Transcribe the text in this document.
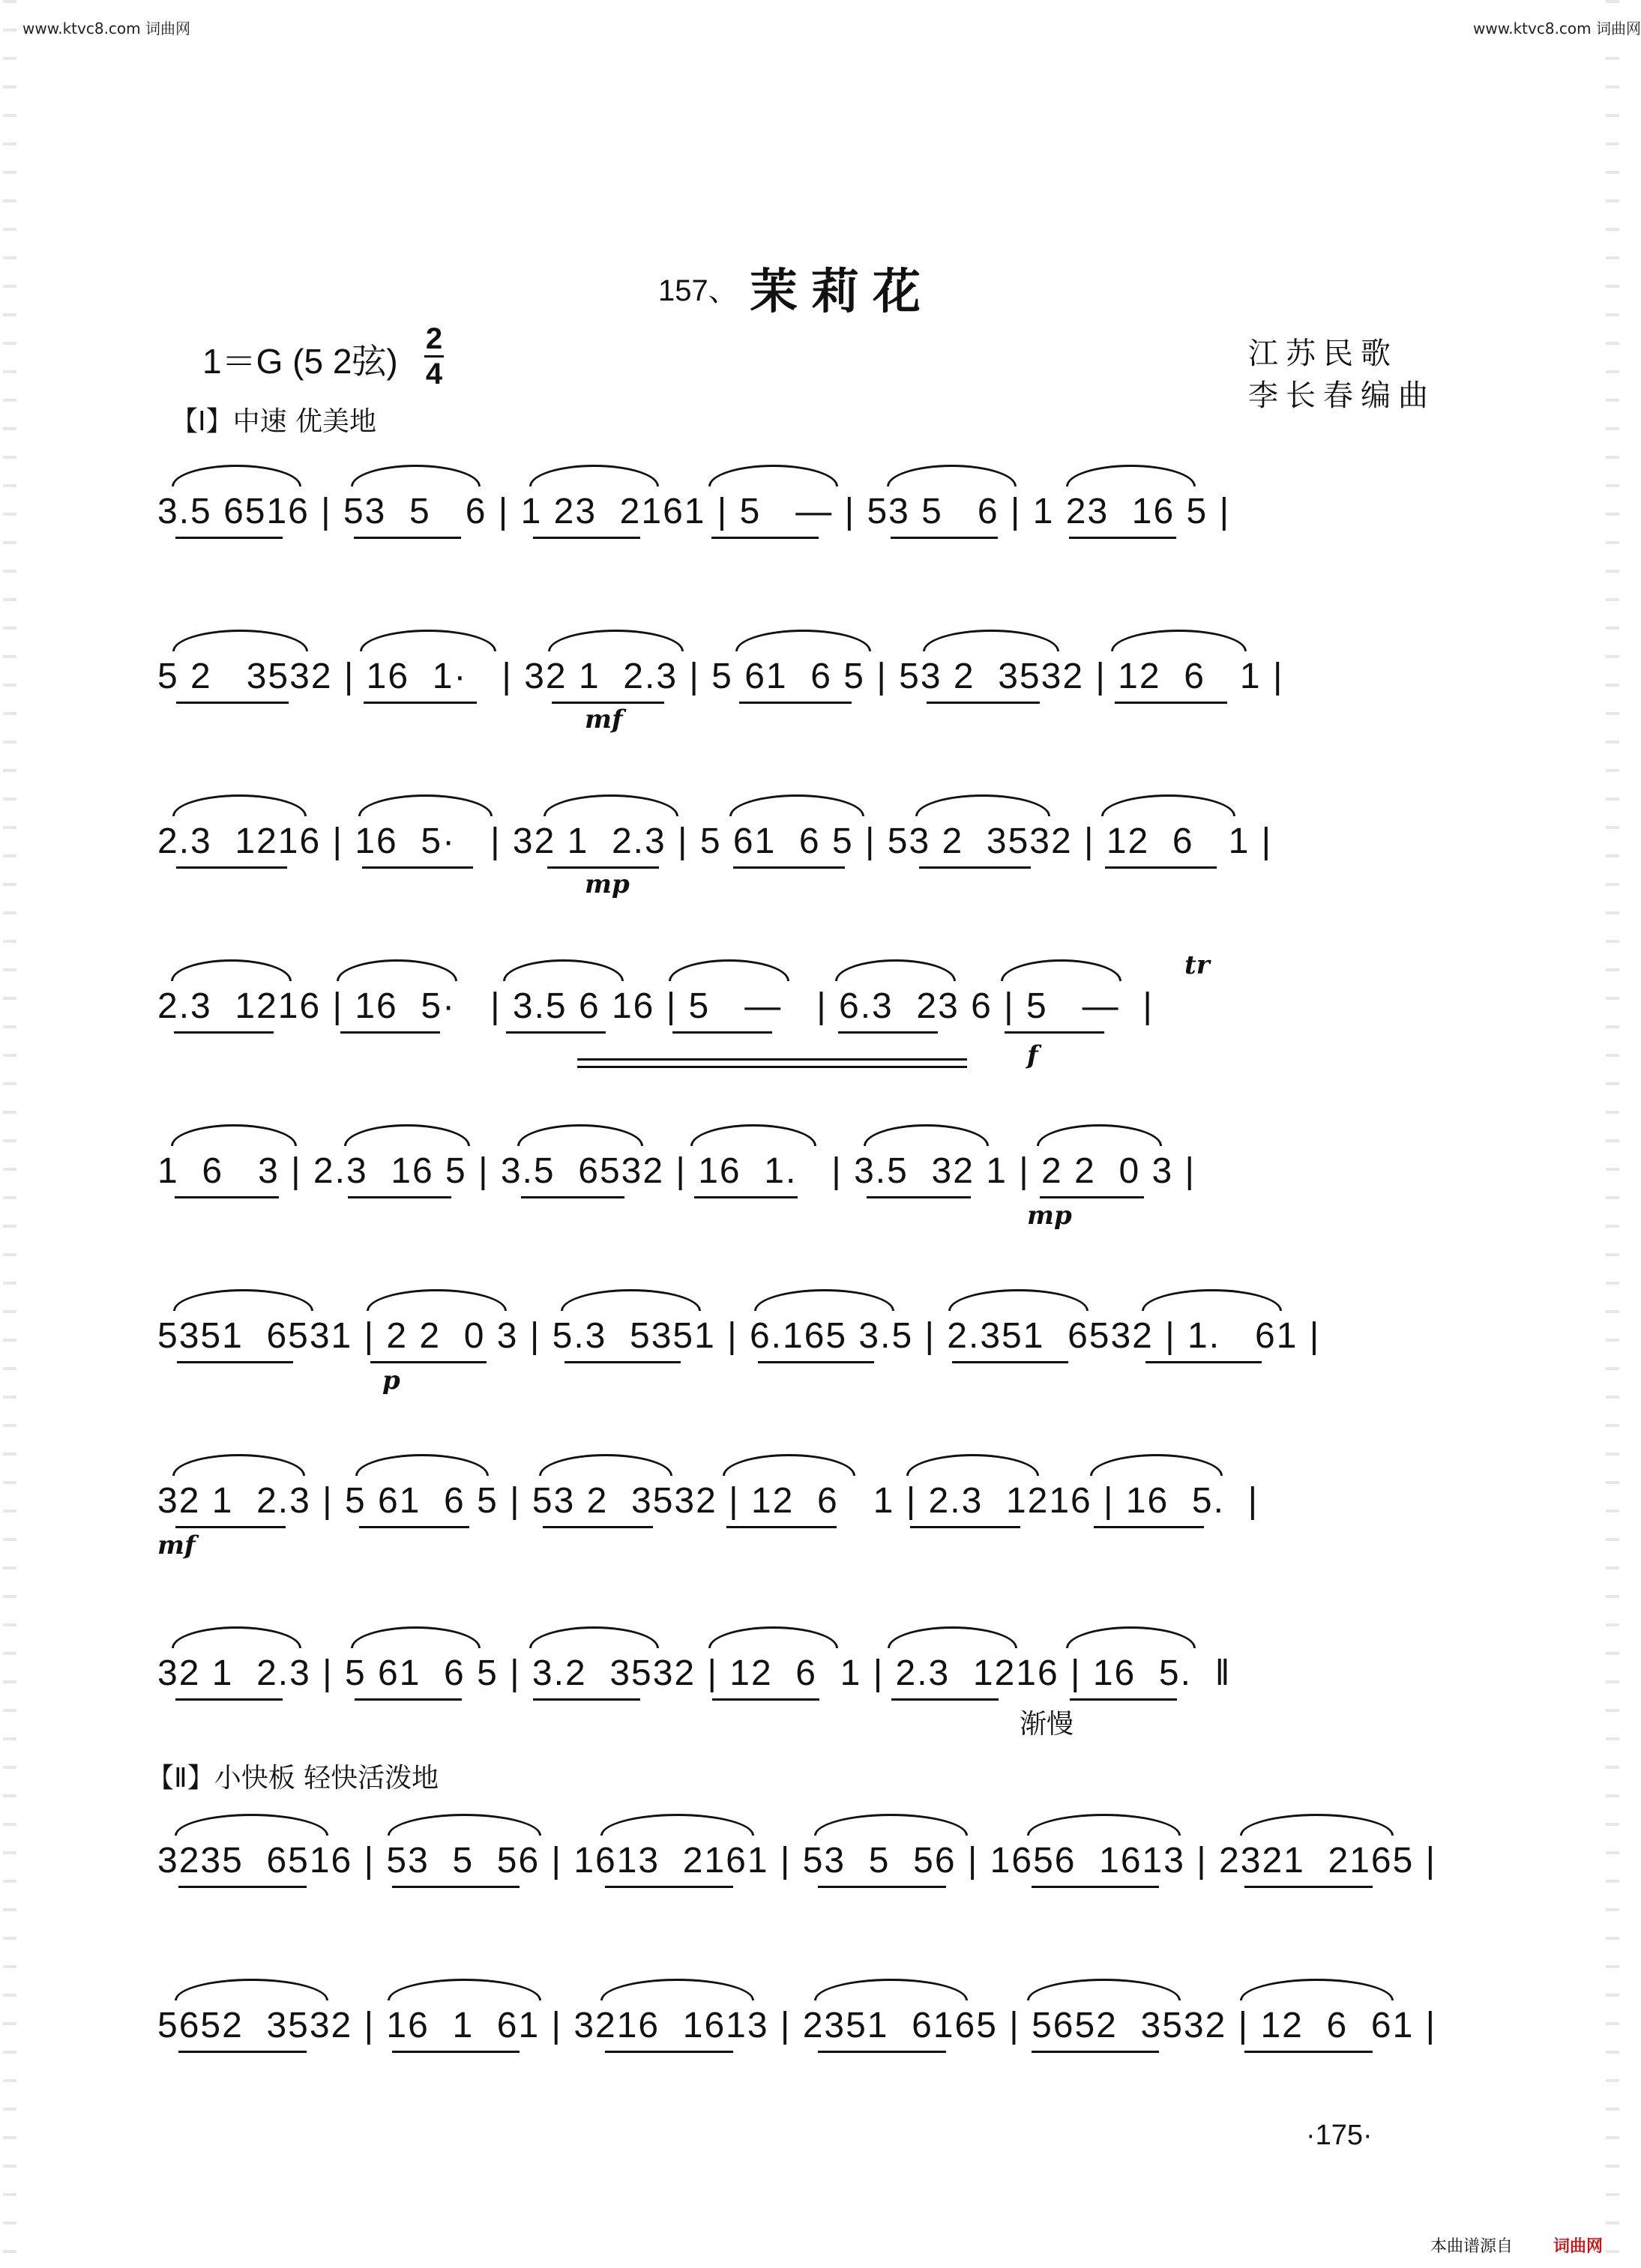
www.ktvc8.com 词曲网	www.ktvc8.com 词曲网
157、 茉莉花
1＝G (5 2弦)
2
4
江苏民歌
李长春编曲
【Ⅰ】中速 优美地
3.5 6516 | 53  5   6 | 1 23  2161 | 5   — | 53 5   6 | 1 23  16 5 |
5 2   3532 | 16  1·   | 32 1  2.3 | 5 61  6 5 | 53 2  3532 | 12  6   1 |
mf
2.3  1216 | 16  5·   | 32 1  2.3 | 5 61  6 5 | 53 2  3532 | 12  6   1 |
mp
2.3  1216 | 16  5·   | 3.5 6 16 | 5   —   | 6.3  23 6 | 5   —  |
f
tr
1  6   3 | 2.3  16 5 | 3.5  6532 | 16  1.   | 3.5  32 1 | 2 2  0 3 |
mp
5351  6531 | 2 2  0 3 | 5.3  5351 | 6.165 3.5 | 2.351  6532 | 1.   61 |
p
32 1  2.3 | 5 61  6 5 | 53 2  3532 | 12  6   1 | 2.3  1216 | 16  5.  |
mf
32 1  2.3 | 5 61  6 5 | 3.2  3532 | 12  6  1 | 2.3  1216 | 16  5.  ‖
渐慢
【Ⅱ】小快板 轻快活泼地
3235  6516 | 53  5  56 | 1613  2161 | 53  5  56 | 1656  1613 | 2321  2165 |
5652  3532 | 16  1  61 | 3216  1613 | 2351  6165 | 5652  3532 | 12  6  61 |
·175·
本曲谱源自 词曲网
